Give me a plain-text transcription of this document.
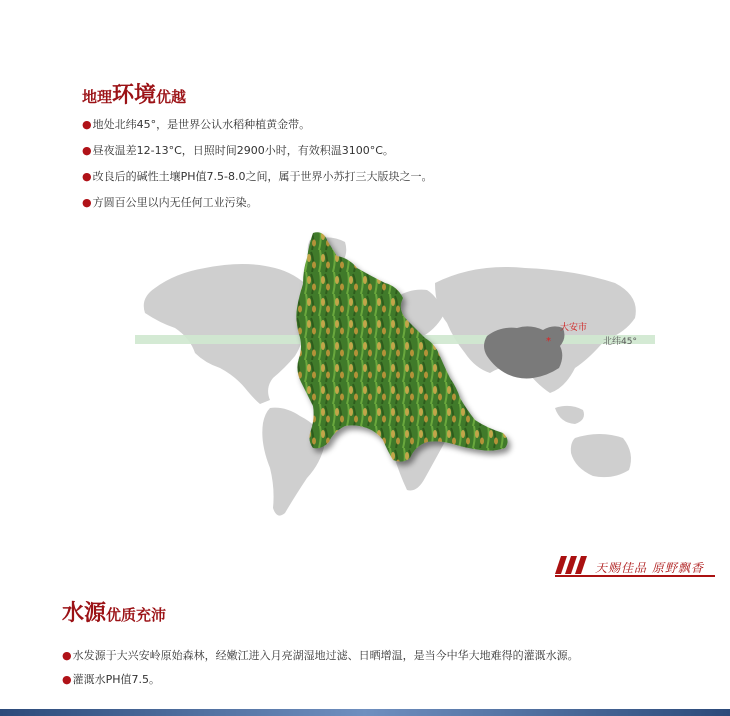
地理环境优越
●地处北纬45°，是世界公认水稻种植黄金带。
●昼夜温差12-13°C，日照时间2900小时，有效积温3100°C。
●改良后的碱性土壤PH值7.5-8.0之间，属于世界小苏打三大版块之一。
●方圆百公里以内无任何工业污染。
*
大安市
北纬45°
天赐佳品 原野飘香
水源优质充沛
●水发源于大兴安岭原始森林，经嫩江进入月亮湖湿地过滤、日晒增温，是当今中华大地难得的灌溉水源。
●灌溉水PH值7.5。
